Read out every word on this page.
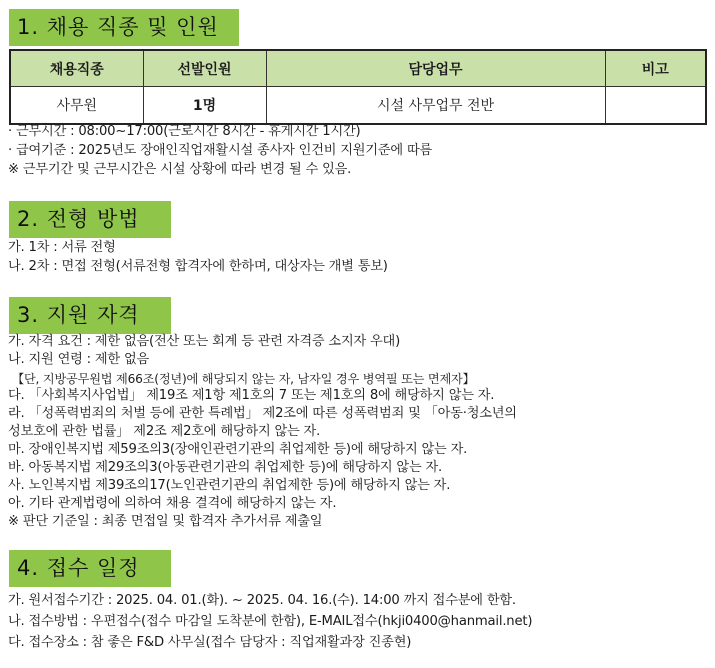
1. 채용 직종 및 인원
채용직종	선발인원	담당업무	비고
사무원	1명	시설 사무업무 전반	
· 근무시간 : 08:00~17:00(근로시간 8시간 - 휴게시간 1시간)
· 급여기준 : 2025년도 장애인직업재활시설 종사자 인건비 지원기준에 따름
※ 근무기간 및 근무시간은 시설 상황에 따라 변경 될 수 있음.
2. 전형 방법
가. 1차 : 서류 전형
나. 2차 : 면접 전형(서류전형 합격자에 한하며, 대상자는 개별 통보)
3. 지원 자격
가. 자격 요건 : 제한 없음(전산 또는 회계 등 관련 자격증 소지자 우대)
나. 지원 연령 : 제한 없음
【단, 지방공무원법 제66조(정년)에 해당되지 않는 자, 남자일 경우 병역필 또는 면제자】
다. 「사회복지사업법」 제19조 제1항 제1호의 7 또는 제1호의 8에 해당하지 않는 자.
라. 「성폭력범죄의 처벌 등에 관한 특례법」 제2조에 따른 성폭력범죄 및 「아동·청소년의
성보호에 관한 법률」 제2조 제2호에 해당하지 않는 자.
마. 장애인복지법 제59조의3(장애인관련기관의 취업제한 등)에 해당하지 않는 자.
바. 아동복지법 제29조의3(아동관련기관의 취업제한 등)에 해당하지 않는 자.
사. 노인복지법 제39조의17(노인관련기관의 취업제한 등)에 해당하지 않는 자.
아. 기타 관계법령에 의하여 채용 결격에 해당하지 않는 자.
※ 판단 기준일 : 최종 면접일 및 합격자 추가서류 제출일
4. 접수 일정
가. 원서접수기간 : 2025. 04. 01.(화). ~ 2025. 04. 16.(수). 14:00 까지 접수분에 한함.
나. 접수방법 : 우편접수(접수 마감일 도착분에 한함), E-MAIL접수(hkji0400@hanmail.net)
다. 접수장소 : 참 좋은 F&D 사무실(접수 담당자 : 직업재활과장 진종현)
